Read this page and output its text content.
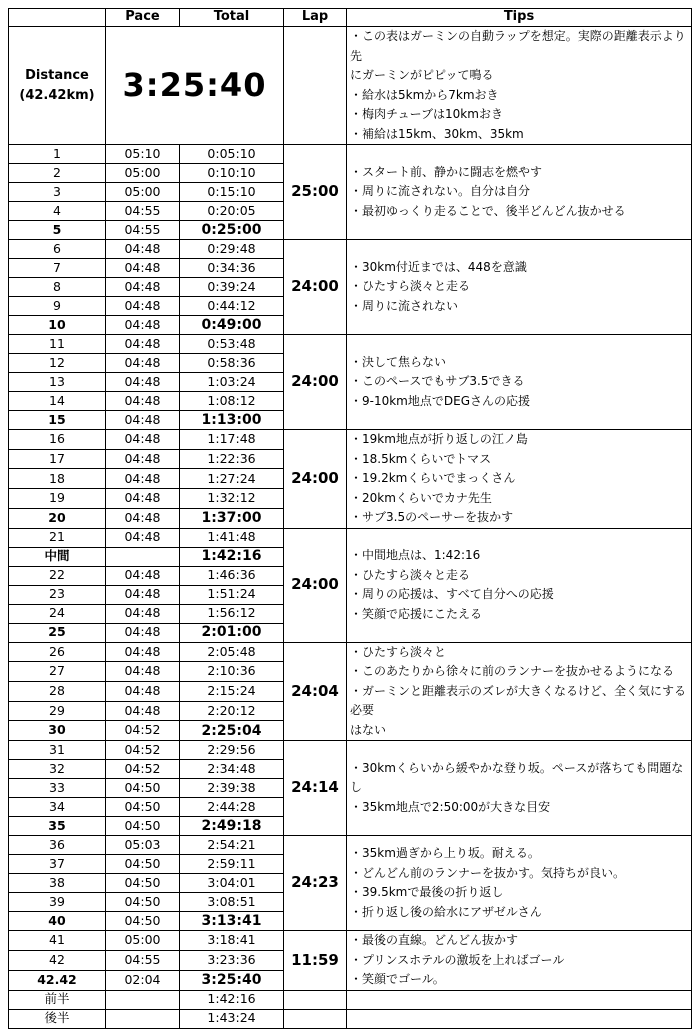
	Pace	Total	Lap	Tips

Distance
(42.42km)	3:25:40			・この表はガーミンの自動ラップを想定。実際の距離表示より先
にガーミンがピピッて鳴る
・給水は5kmから7kmおき
・梅肉チューブは10kmおき
・補給は15km、30km、35km

1	05:10	0:05:10	25:00	・スタート前、静かに闘志を燃やす
・周りに流されない。自分は自分
・最初ゆっくり走ることで、後半どんどん抜かせる

2	05:00	0:10:10		
3	05:00	0:15:10		
4	04:55	0:20:05		
5	04:55	0:25:00		
6	04:48	0:29:48	24:00	・30km付近までは、448を意識
・ひたすら淡々と走る
・周りに流されない

7	04:48	0:34:36		
8	04:48	0:39:24		
9	04:48	0:44:12		
10	04:48	0:49:00		
11	04:48	0:53:48	24:00	・決して焦らない
・このペースでもサブ3.5できる
・9-10km地点でDEGさんの応援

12	04:48	0:58:36		
13	04:48	1:03:24		
14	04:48	1:08:12		
15	04:48	1:13:00		
16	04:48	1:17:48	24:00	・19km地点が折り返しの江ノ島
・18.5kmくらいでトマス
・19.2kmくらいでまっくさん
・20kmくらいでカナ先生
・サブ3.5のペーサーを抜かす

17	04:48	1:22:36		
18	04:48	1:27:24		
19	04:48	1:32:12		
20	04:48	1:37:00		
21	04:48	1:41:48	24:00	・中間地点は、1:42:16
・ひたすら淡々と走る
・周りの応援は、すべて自分への応援
・笑顔で応援にこたえる

中間		1:42:16		
22	04:48	1:46:36		
23	04:48	1:51:24		
24	04:48	1:56:12		
25	04:48	2:01:00		
26	04:48	2:05:48	24:04	・ひたすら淡々と
・このあたりから徐々に前のランナーを抜かせるようになる
・ガーミンと距離表示のズレが大きくなるけど、全く気にする必要
はない

27	04:48	2:10:36		
28	04:48	2:15:24		
29	04:48	2:20:12		
30	04:52	2:25:04		
31	04:52	2:29:56	24:14	・30kmくらいから緩やかな登り坂。ペースが落ちても問題なし
・35km地点で2:50:00が大きな目安

32	04:52	2:34:48		
33	04:50	2:39:38		
34	04:50	2:44:28		
35	04:50	2:49:18		
36	05:03	2:54:21	24:23	・35km過ぎから上り坂。耐える。
・どんどん前のランナーを抜かす。気持ちが良い。
・39.5kmで最後の折り返し
・折り返し後の給水にアザゼルさん

37	04:50	2:59:11		
38	04:50	3:04:01		
39	04:50	3:08:51		
40	04:50	3:13:41		
41	05:00	3:18:41	11:59	・最後の直線。どんどん抜かす
・プリンスホテルの激坂を上ればゴール
・笑顔でゴール。

42	04:55	3:23:36		
42.42	02:04	3:25:40		
前半		1:42:16		
後半		1:43:24		
